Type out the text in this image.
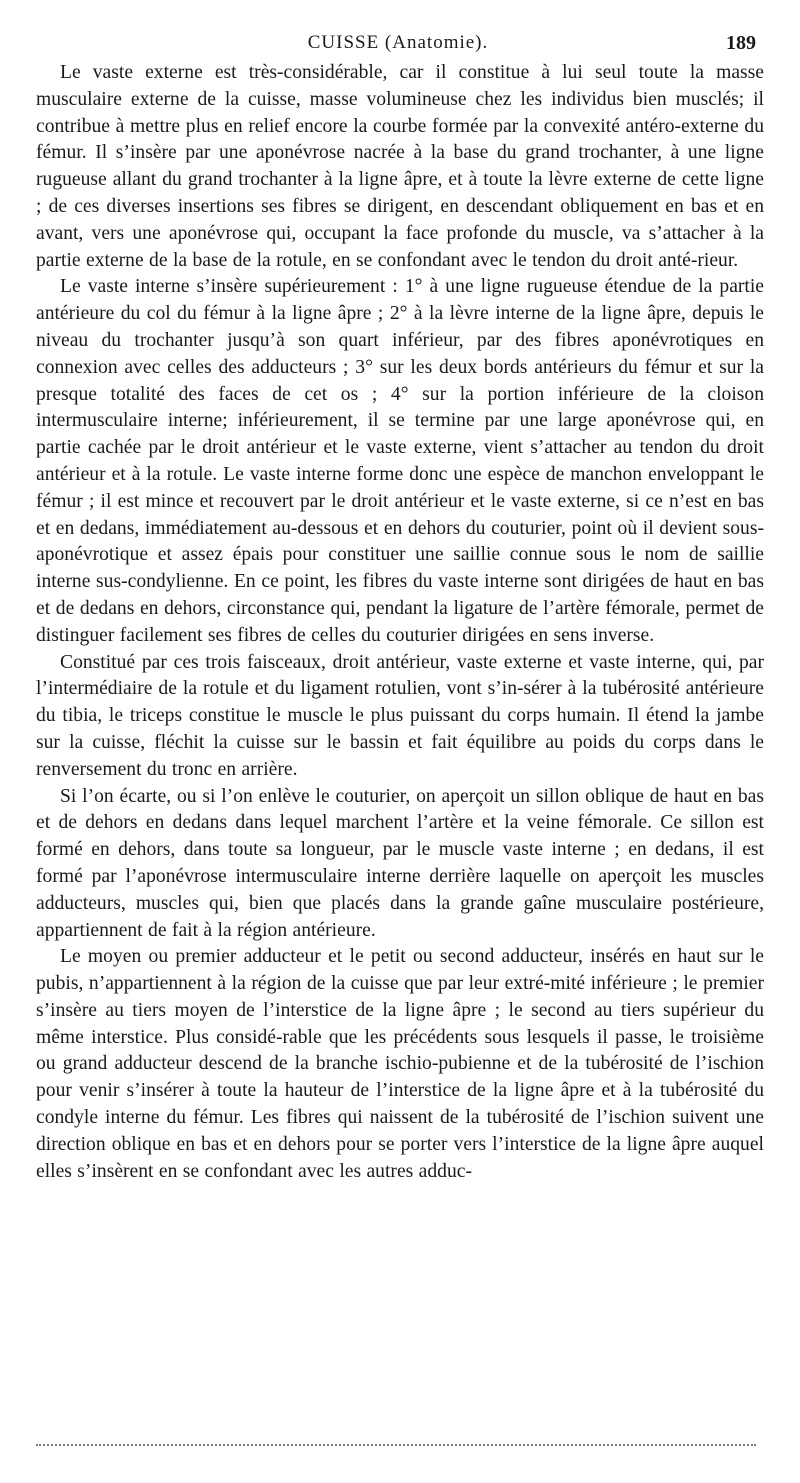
CUISSE (Anatomie).	189

Le vaste externe est très-considérable, car il constitue à lui seul toute la masse musculaire externe de la cuisse, masse volumineuse chez les individus bien musclés; il contribue à mettre plus en relief encore la courbe formée par la convexité antéro-externe du fémur. Il s’insère par une aponévrose nacrée à la base du grand trochanter, à une ligne rugueuse allant du grand trochanter à la ligne âpre, et à toute la lèvre externe de cette ligne ; de ces diverses insertions ses fibres se dirigent, en descendant obliquement en bas et en avant, vers une aponévrose qui, occupant la face profonde du muscle, va s’attacher à la partie externe de la base de la rotule, en se confondant avec le tendon du droit anté-rieur.

Le vaste interne s’insère supérieurement : 1° à une ligne rugueuse étendue de la partie antérieure du col du fémur à la ligne âpre ; 2° à la lèvre interne de la ligne âpre, depuis le niveau du trochanter jusqu’à son quart inférieur, par des fibres aponévrotiques en connexion avec celles des adducteurs ; 3° sur les deux bords antérieurs du fémur et sur la presque totalité des faces de cet os ; 4° sur la portion inférieure de la cloison intermusculaire interne; inférieurement, il se termine par une large aponévrose qui, en partie cachée par le droit antérieur et le vaste externe, vient s’attacher au tendon du droit antérieur et à la rotule. Le vaste interne forme donc une espèce de manchon enveloppant le fémur ; il est mince et recouvert par le droit antérieur et le vaste externe, si ce n’est en bas et en dedans, immédiatement au-dessous et en dehors du couturier, point où il devient sous-aponévrotique et assez épais pour constituer une saillie connue sous le nom de saillie interne sus-condylienne. En ce point, les fibres du vaste interne sont dirigées de haut en bas et de dedans en dehors, circonstance qui, pendant la ligature de l’artère fémorale, permet de distinguer facilement ses fibres de celles du couturier dirigées en sens inverse.

Constitué par ces trois faisceaux, droit antérieur, vaste externe et vaste interne, qui, par l’intermédiaire de la rotule et du ligament rotulien, vont s’in-sérer à la tubérosité antérieure du tibia, le triceps constitue le muscle le plus puissant du corps humain. Il étend la jambe sur la cuisse, fléchit la cuisse sur le bassin et fait équilibre au poids du corps dans le renversement du tronc en arrière.

Si l’on écarte, ou si l’on enlève le couturier, on aperçoit un sillon oblique de haut en bas et de dehors en dedans dans lequel marchent l’artère et la veine fémorale. Ce sillon est formé en dehors, dans toute sa longueur, par le muscle vaste interne ; en dedans, il est formé par l’aponévrose intermusculaire interne derrière laquelle on aperçoit les muscles adducteurs, muscles qui, bien que placés dans la grande gaîne musculaire postérieure, appartiennent de fait à la région antérieure.

Le moyen ou premier adducteur et le petit ou second adducteur, insérés en haut sur le pubis, n’appartiennent à la région de la cuisse que par leur extré-mité inférieure ; le premier s’insère au tiers moyen de l’interstice de la ligne âpre ; le second au tiers supérieur du même interstice. Plus considé-rable que les précédents sous lesquels il passe, le troisième ou grand adducteur descend de la branche ischio-pubienne et de la tubérosité de l’ischion pour venir s’insérer à toute la hauteur de l’interstice de la ligne âpre et à la tubérosité du condyle interne du fémur. Les fibres qui naissent de la tubérosité de l’ischion suivent une direction oblique en bas et en dehors pour se porter vers l’interstice de la ligne âpre auquel elles s’insèrent en se confondant avec les autres adduc-
